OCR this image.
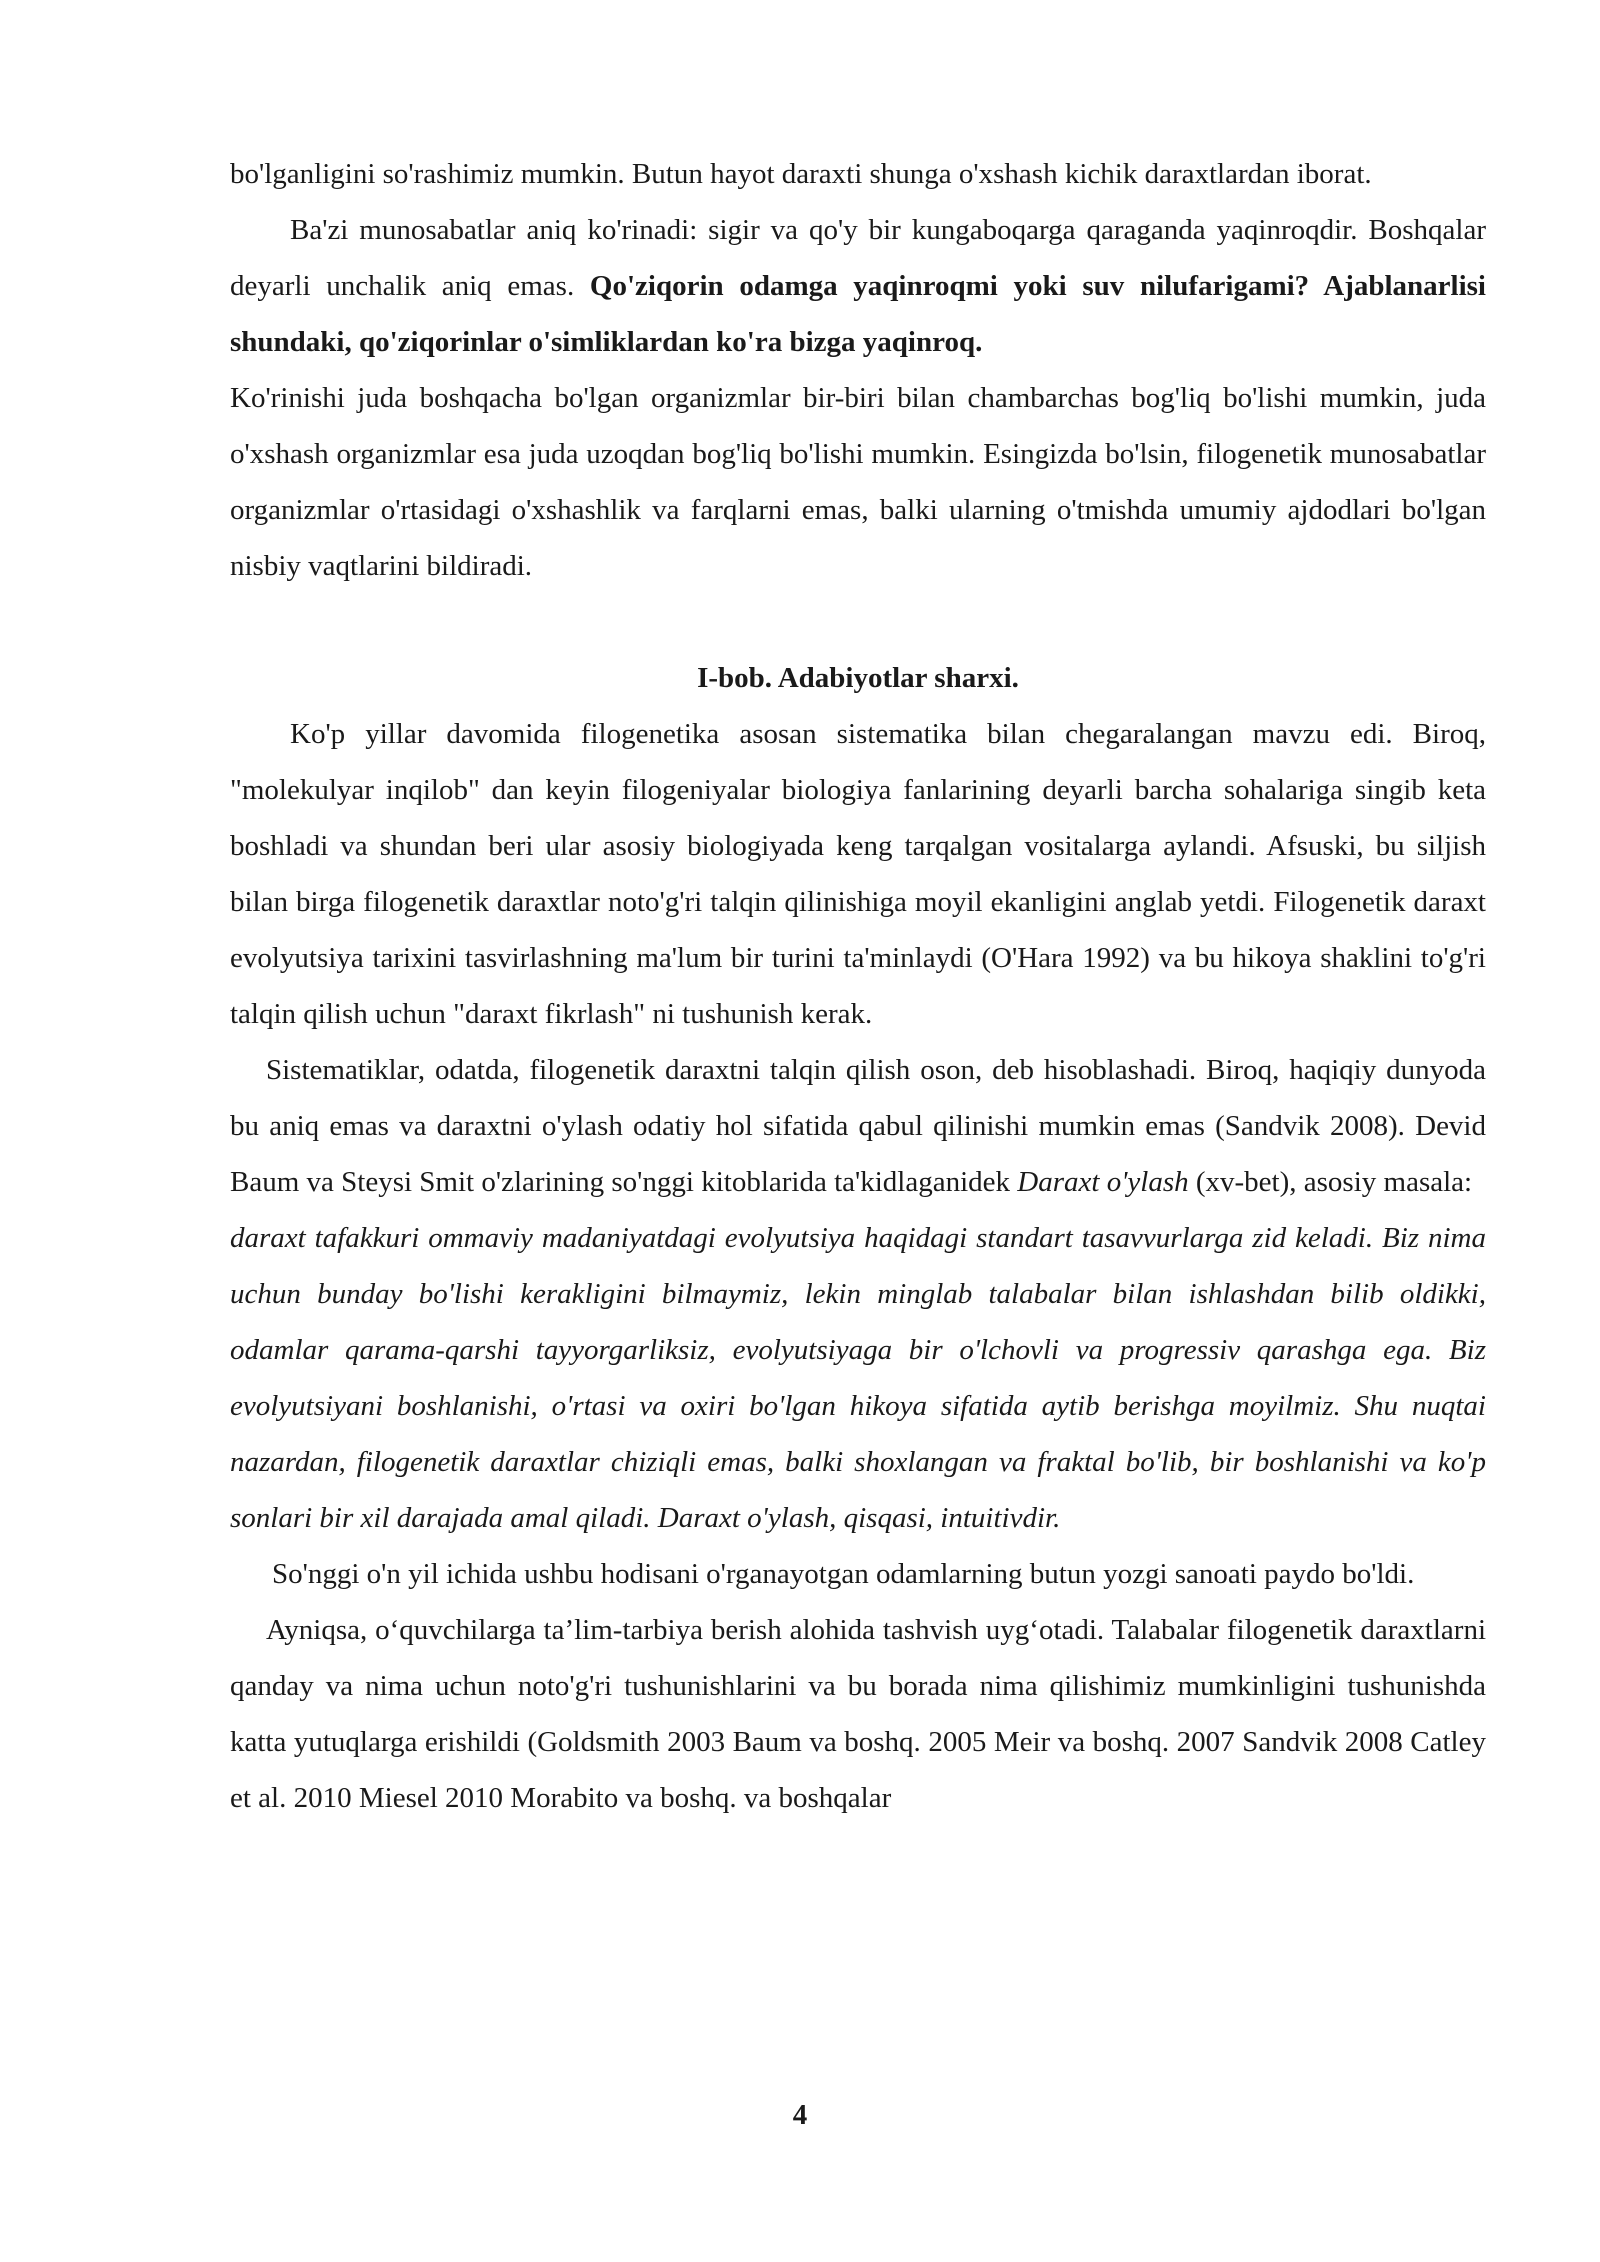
bo'lganligini so'rashimiz mumkin. Butun hayot daraxti shunga o'xshash kichik daraxtlardan iborat.

Ba'zi munosabatlar aniq ko'rinadi: sigir va qo'y bir kungaboqarga qaraganda yaqinroqdir. Boshqalar deyarli unchalik aniq emas. Qo'ziqorin odamga yaqinroqmi yoki suv nilufarigami? Ajablanarlisi shundaki, qo'ziqorinlar o'simliklardan ko'ra bizga yaqinroq.

Ko'rinishi juda boshqacha bo'lgan organizmlar bir-biri bilan chambarchas bog'liq bo'lishi mumkin, juda o'xshash organizmlar esa juda uzoqdan bog'liq bo'lishi mumkin. Esingizda bo'lsin, filogenetik munosabatlar organizmlar o'rtasidagi o'xshashlik va farqlarni emas, balki ularning o'tmishda umumiy ajdodlari bo'lgan nisbiy vaqtlarini bildiradi.

I-bob. Adabiyotlar sharxi.

Ko'p yillar davomida filogenetika asosan sistematika bilan chegaralangan mavzu edi. Biroq, "molekulyar inqilob" dan keyin filogeniyalar biologiya fanlarining deyarli barcha sohalariga singib keta boshladi va shundan beri ular asosiy biologiyada keng tarqalgan vositalarga aylandi. Afsuski, bu siljish bilan birga filogenetik daraxtlar noto'g'ri talqin qilinishiga moyil ekanligini anglab yetdi. Filogenetik daraxt evolyutsiya tarixini tasvirlashning ma'lum bir turini ta'minlaydi (O'Hara 1992) va bu hikoya shaklini to'g'ri talqin qilish uchun "daraxt fikrlash" ni tushunish kerak.

Sistematiklar, odatda, filogenetik daraxtni talqin qilish oson, deb hisoblashadi. Biroq, haqiqiy dunyoda bu aniq emas va daraxtni o'ylash odatiy hol sifatida qabul qilinishi mumkin emas (Sandvik 2008). Devid Baum va Steysi Smit o'zlarining so'nggi kitoblarida ta'kidlaganidek Daraxt o'ylash (xv-bet), asosiy masala:

daraxt tafakkuri ommaviy madaniyatdagi evolyutsiya haqidagi standart tasavvurlarga zid keladi. Biz nima uchun bunday bo'lishi kerakligini bilmaymiz, lekin minglab talabalar bilan ishlashdan bilib oldikki, odamlar qarama-qarshi tayyorgarliksiz, evolyutsiyaga bir o'lchovli va progressiv qarashga ega. Biz evolyutsiyani boshlanishi, o'rtasi va oxiri bo'lgan hikoya sifatida aytib berishga moyilmiz. Shu nuqtai nazardan, filogenetik daraxtlar chiziqli emas, balki shoxlangan va fraktal bo'lib, bir boshlanishi va ko'p sonlari bir xil darajada amal qiladi. Daraxt o'ylash, qisqasi, intuitivdir.

So'nggi o'n yil ichida ushbu hodisani o'rganayotgan odamlarning butun yozgi sanoati paydo bo'ldi.

Ayniqsa, o‘quvchilarga ta’lim-tarbiya berish alohida tashvish uyg‘otadi. Talabalar filogenetik daraxtlarni qanday va nima uchun noto'g'ri tushunishlarini va bu borada nima qilishimiz mumkinligini tushunishda katta yutuqlarga erishildi (Goldsmith 2003 Baum va boshq. 2005 Meir va boshq. 2007 Sandvik 2008 Catley et al. 2010 Miesel 2010 Morabito va boshq. va boshqalar

4
